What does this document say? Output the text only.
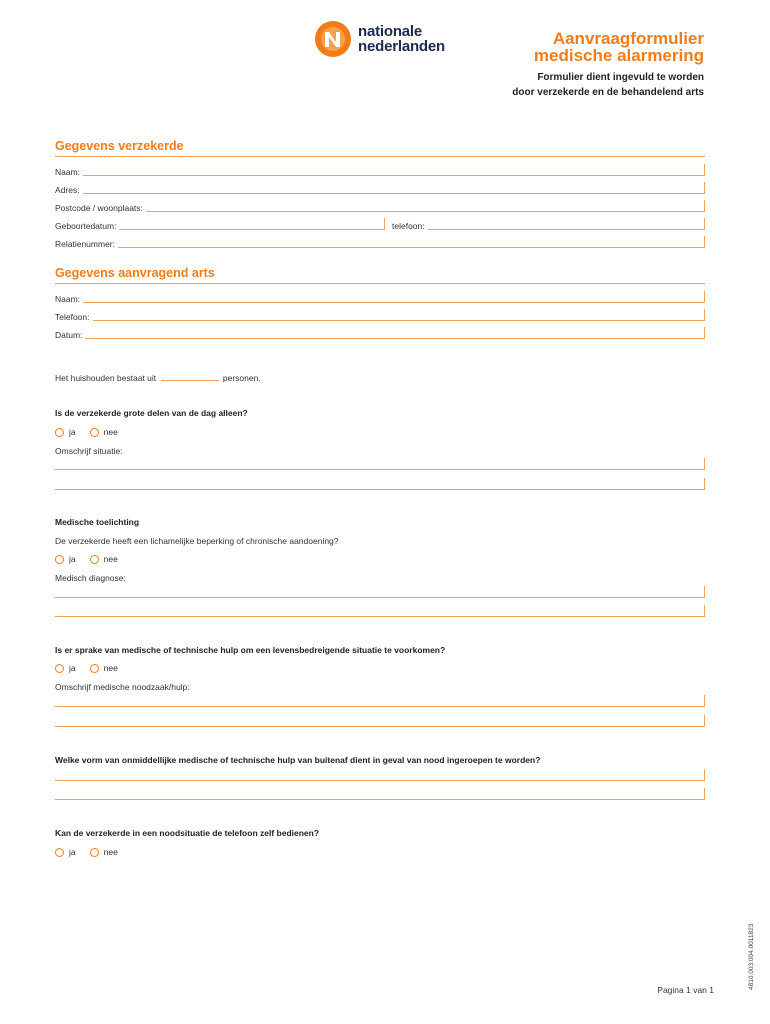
nationale
nederlanden	Aanvraagformulier
medische alarmering
Formulier dient ingevuld te worden
door verzekerde en de behandelend arts
Gegevens verzekerde
Naam:
Adres:
Postcode / woonplaats:
Geboortedatum:	telefoon:
Relatienummer:
Gegevens aanvragend arts
Naam:
Telefoon:
Datum:
Het huishouden bestaat uit	personen.
Is de verzekerde grote delen van de dag alleen?
ja	nee
Omschrijf situatie:
Medische toelichting
De verzekerde heeft een lichamelijke beperking of chronische aandoening?
ja	nee
Medisch diagnose:
Is er sprake van medische of technische hulp om een levensbedreigende situatie te voorkomen?
ja	nee
Omschrijf medische noodzaak/hulp:
Welke vorm van onmiddellijke medische of technische hulp van buitenaf dient in geval van nood ingeroepen te worden?
Kan de verzekerde in een noodsituatie de telefoon zelf bedienen?
ja	nee
Pagina 1 van 1	4810.003.004.0011823
